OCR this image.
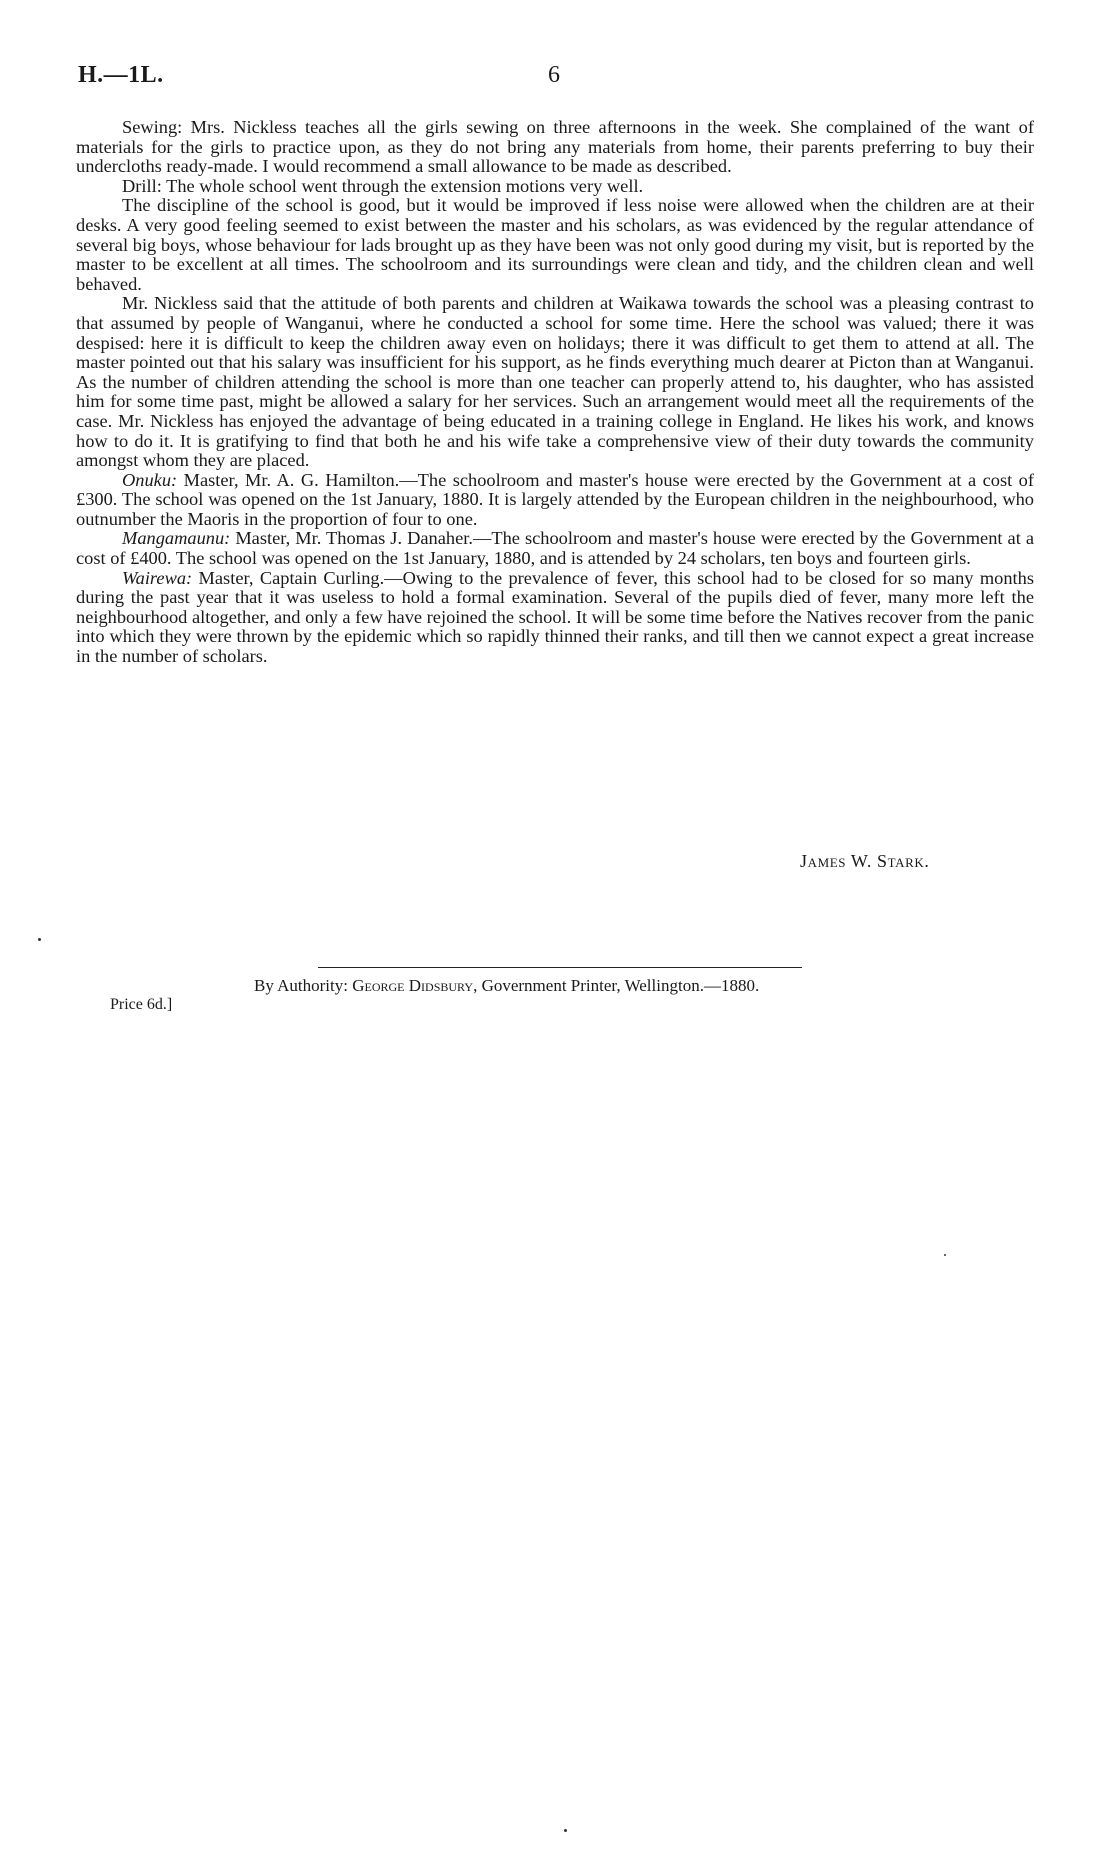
H.—1L.	6

Sewing: Mrs. Nickless teaches all the girls sewing on three afternoons in the week. She complained of the want of materials for the girls to practice upon, as they do not bring any materials from home, their parents preferring to buy their undercloths ready-made. I would recommend a small allowance to be made as described.

Drill: The whole school went through the extension motions very well.

The discipline of the school is good, but it would be improved if less noise were allowed when the children are at their desks. A very good feeling seemed to exist between the master and his scholars, as was evidenced by the regular attendance of several big boys, whose behaviour for lads brought up as they have been was not only good during my visit, but is reported by the master to be excellent at all times. The schoolroom and its surroundings were clean and tidy, and the children clean and well behaved.

Mr. Nickless said that the attitude of both parents and children at Waikawa towards the school was a pleasing contrast to that assumed by people of Wanganui, where he conducted a school for some time. Here the school was valued; there it was despised: here it is difficult to keep the children away even on holidays; there it was difficult to get them to attend at all. The master pointed out that his salary was insufficient for his support, as he finds everything much dearer at Picton than at Wanganui. As the number of children attending the school is more than one teacher can properly attend to, his daughter, who has assisted him for some time past, might be allowed a salary for her services. Such an arrangement would meet all the requirements of the case. Mr. Nickless has enjoyed the advantage of being educated in a training college in England. He likes his work, and knows how to do it. It is gratifying to find that both he and his wife take a comprehensive view of their duty towards the community amongst whom they are placed.

Onuku: Master, Mr. A. G. Hamilton.—The schoolroom and master's house were erected by the Government at a cost of £300. The school was opened on the 1st January, 1880. It is largely attended by the European children in the neighbourhood, who outnumber the Maoris in the proportion of four to one.

Mangamaunu: Master, Mr. Thomas J. Danaher.—The schoolroom and master's house were erected by the Government at a cost of £400. The school was opened on the 1st January, 1880, and is attended by 24 scholars, ten boys and fourteen girls.

Wairewa: Master, Captain Curling.—Owing to the prevalence of fever, this school had to be closed for so many months during the past year that it was useless to hold a formal examination. Several of the pupils died of fever, many more left the neighbourhood altogether, and only a few have rejoined the school. It will be some time before the Natives recover from the panic into which they were thrown by the epidemic which so rapidly thinned their ranks, and till then we cannot expect a great increase in the number of scholars.

James W. Stark.
By Authority: George Didsbury, Government Printer, Wellington.—1880.
Price 6d.]
